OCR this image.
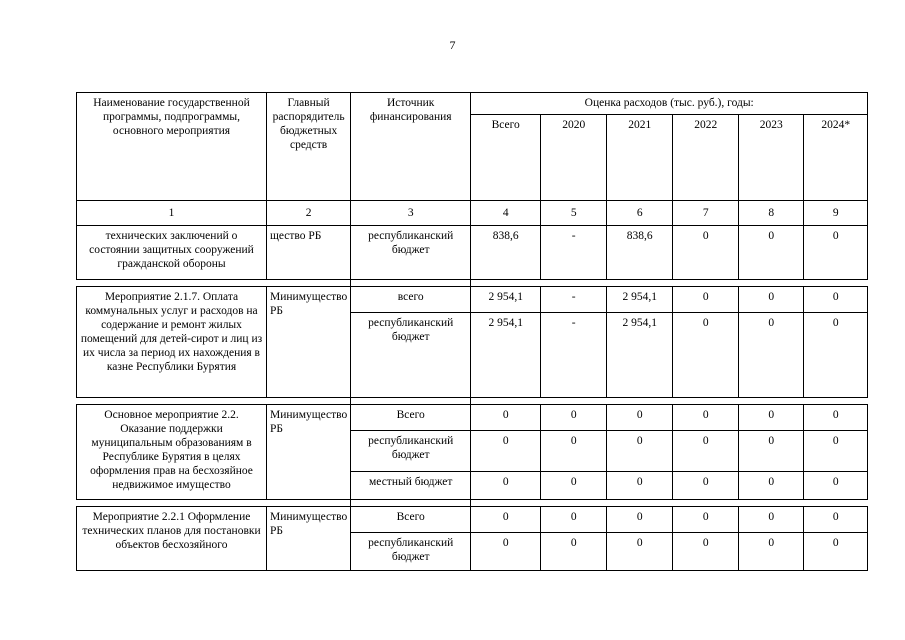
7
Наименование государственной программы, подпрограммы, основного мероприятия	Главный распорядитель бюджетных средств	Источник финансирования	Оценка расходов (тыс. руб.), годы:					
			Всего	2020	2021	2022	2023	2024*
1	2	3	4	5	6	7	8	9
технических заключений о состоянии защитных сооружений гражданской обороны	щество РБ	республиканский бюджет	838,6	-	838,6	0	0	0

Мероприятие 2.1.7. Оплата коммунальных услуг и расходов на содержание и ремонт жилых помещений для детей-сирот и лиц из их числа за период их нахождения в казне Республики Бурятия	Минимущество РБ	всего	2 954,1	-	2 954,1	0	0	0
		республиканский бюджет	2 954,1	-	2 954,1	0	0	0

Основное мероприятие 2.2. Оказание поддержки муниципальным образованиям в Республике Бурятия в целях оформления прав на бесхозяйное недвижимое имущество	Минимущество РБ	Всего	0	0	0	0	0	0
		республиканский бюджет	0	0	0	0	0	0
		местный бюджет	0	0	0	0	0	0

Мероприятие 2.2.1 Оформление технических планов для постановки объектов бесхозяйного	Минимущество РБ	Всего	0	0	0	0	0	0
		республиканский бюджет	0	0	0	0	0	0
